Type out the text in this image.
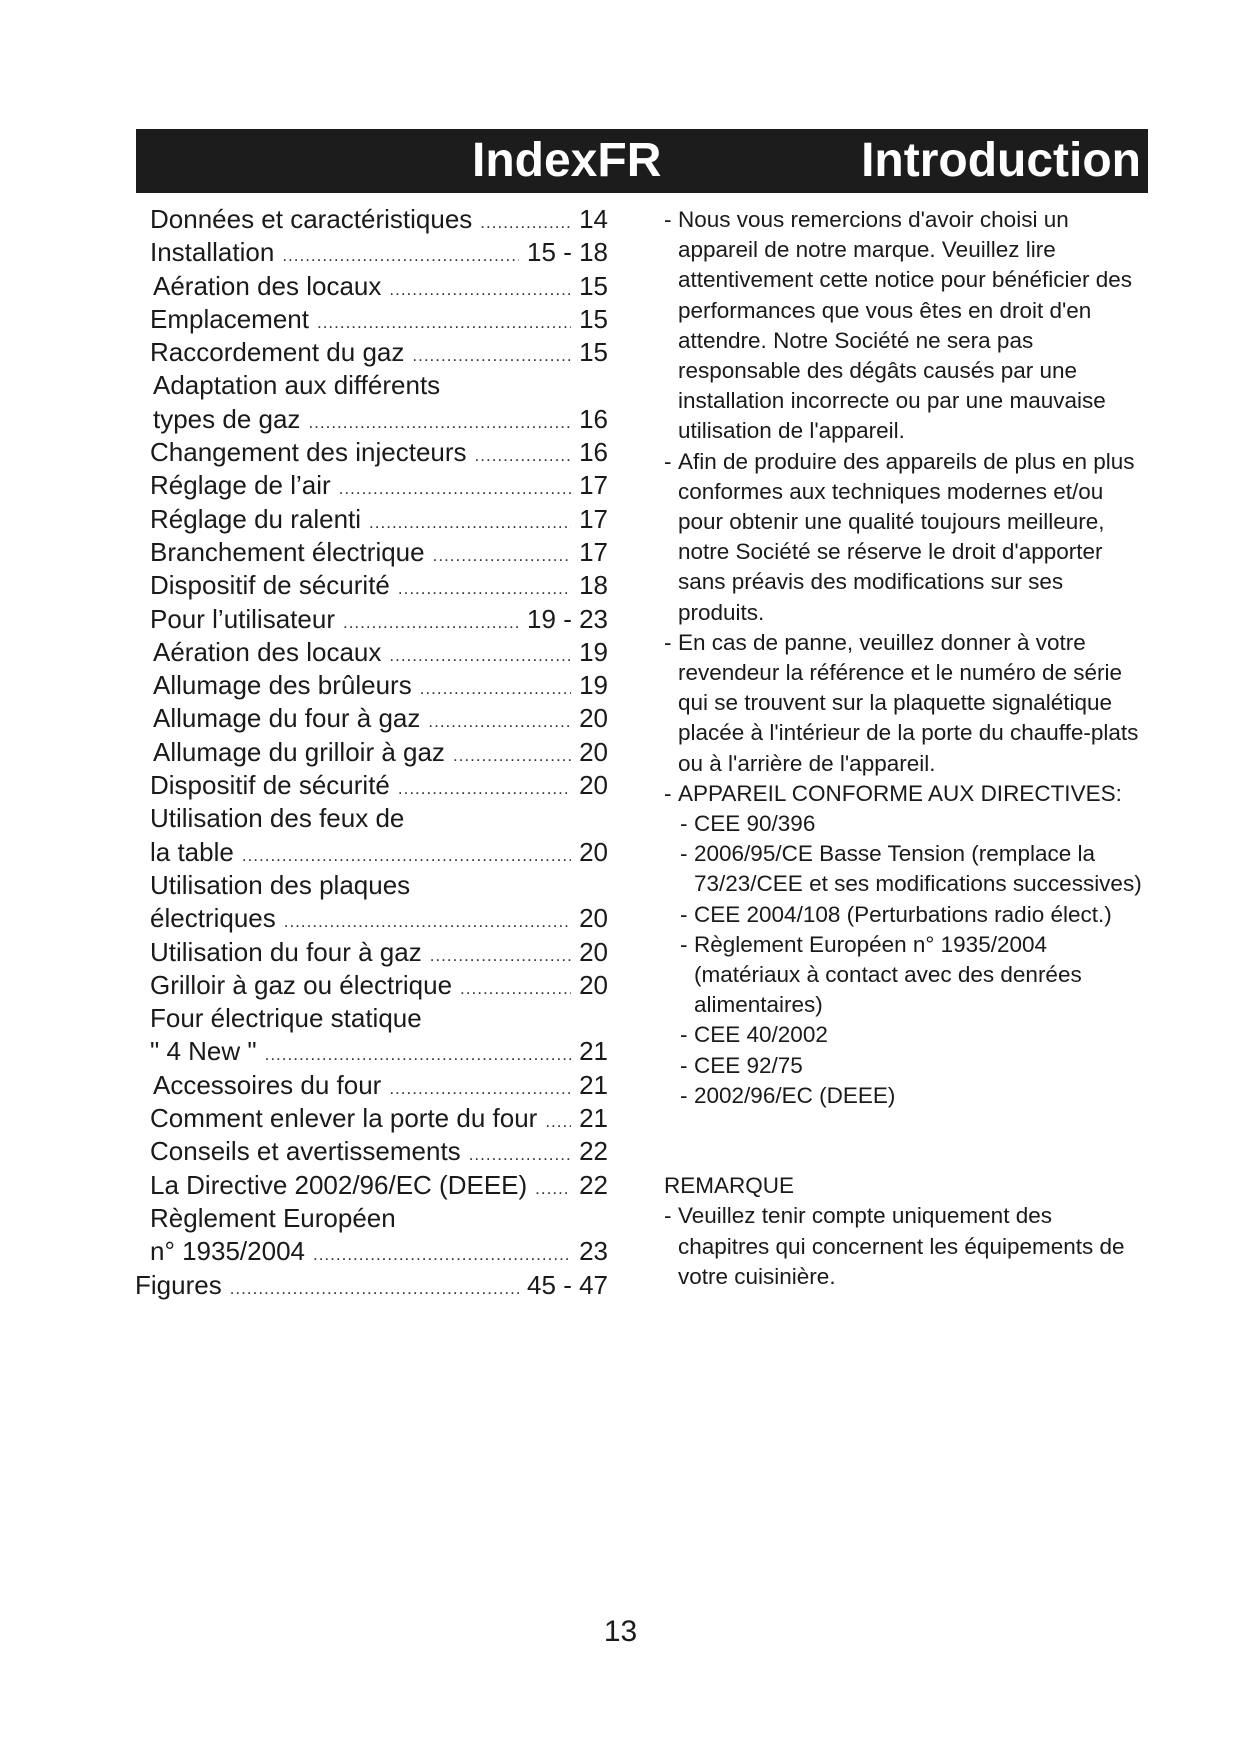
IndexFR	Introduction
Données et caractéristiques .....	14
Installation .....	15 - 18
Aération des locaux .....	15
Emplacement .....	15
Raccordement du gaz .....	15
Adaptation aux différents
types de gaz .....	16
Changement des injecteurs .....	16
Réglage de l’air .....	17
Réglage du ralenti .....	17
Branchement électrique .....	17
Dispositif de sécurité .....	18
Pour l’utilisateur .....	19 - 23
Aération des locaux .....	19
Allumage des brûleurs .....	19
Allumage du four à gaz .....	20
Allumage du grilloir à gaz .....	20
Dispositif de sécurité .....	20
Utilisation des feux de
la table .....	20
Utilisation des plaques
électriques .....	20
Utilisation du four à gaz .....	20
Grilloir à gaz ou électrique .....	20
Four électrique statique
" 4 New " .....	21
Accessoires du four .....	21
Comment enlever la porte du four ..... 21
Conseils et avertissements .....	22
La Directive 2002/96/EC (DEEE) ..... 22
Règlement Européen
n° 1935/2004 .....	23
Figures .....	45 - 47
- Nous vous remercions d'avoir choisi un appareil de notre marque. Veuillez lire attentivement cette notice pour bénéficier des performances que vous êtes en droit d'en attendre. Notre Société ne sera pas responsable des dégâts causés par une installation incorrecte ou par une mauvaise utilisation de l'appareil.
- Afin de produire des appareils de plus en plus conformes aux techniques modernes et/ou pour obtenir une qualité toujours meilleure, notre Société se réserve le droit d'apporter sans préavis des modifications sur ses produits.
- En cas de panne, veuillez donner à votre revendeur la référence et le numéro de série qui se trouvent sur la plaquette signalétique placée à l'intérieur de la porte du chauffe-plats ou à l'arrière de l'appareil.
- APPAREIL CONFORME AUX DIRECTIVES:
- CEE 90/396
- 2006/95/CE Basse Tension (remplace la 73/23/CEE et ses modifications successives)
- CEE 2004/108 (Perturbations radio élect.)
- Règlement Européen n° 1935/2004 (matériaux à contact avec des denrées alimentaires)
- CEE 40/2002
- CEE 92/75
- 2002/96/EC (DEEE)
REMARQUE
- Veuillez tenir compte uniquement des chapitres qui concernent les équipements de votre cuisinière.
13
